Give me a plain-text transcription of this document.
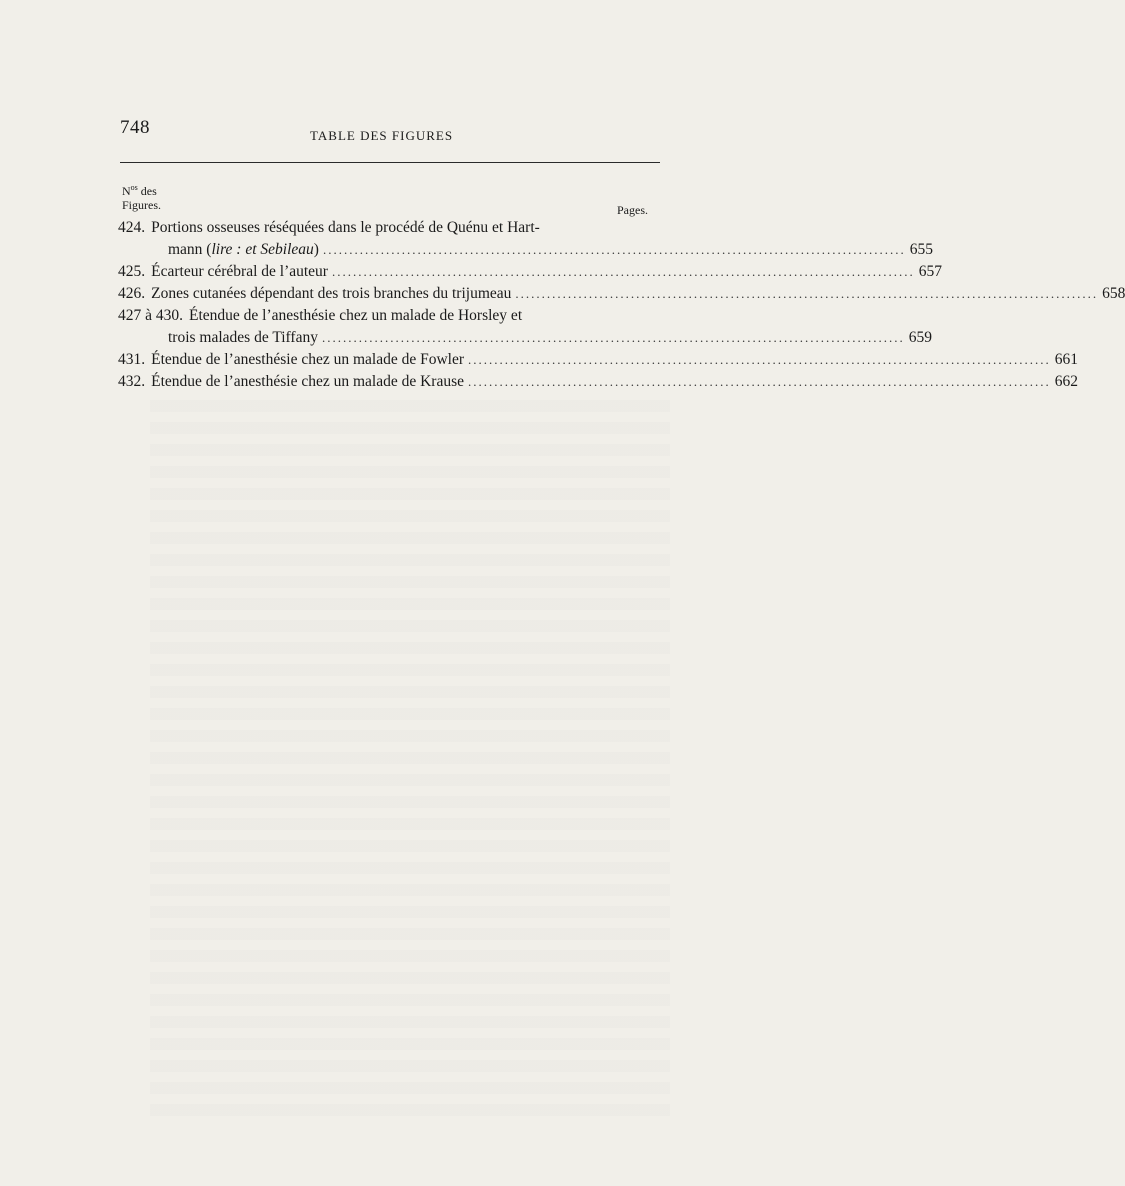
748	TABLE DES FIGURES
$N^{os}$ des
Figures.	Pages.
424. Portions osseuses réséquées dans le procédé de Quénu et Hart-
mann (lire : et Sebileau) ............................................................................................................... 655
425. Écarteur cérébral de l’auteur ............................................................................................................... 657
426. Zones cutanées dépendant des trois branches du trijumeau ............................................................................................................... 658
427 à 430. Étendue de l’anesthésie chez un malade de Horsley et
trois malades de Tiffany ............................................................................................................... 659
431. Étendue de l’anesthésie chez un malade de Fowler ............................................................................................................... 661
432. Étendue de l’anesthésie chez un malade de Krause ............................................................................................................... 662
